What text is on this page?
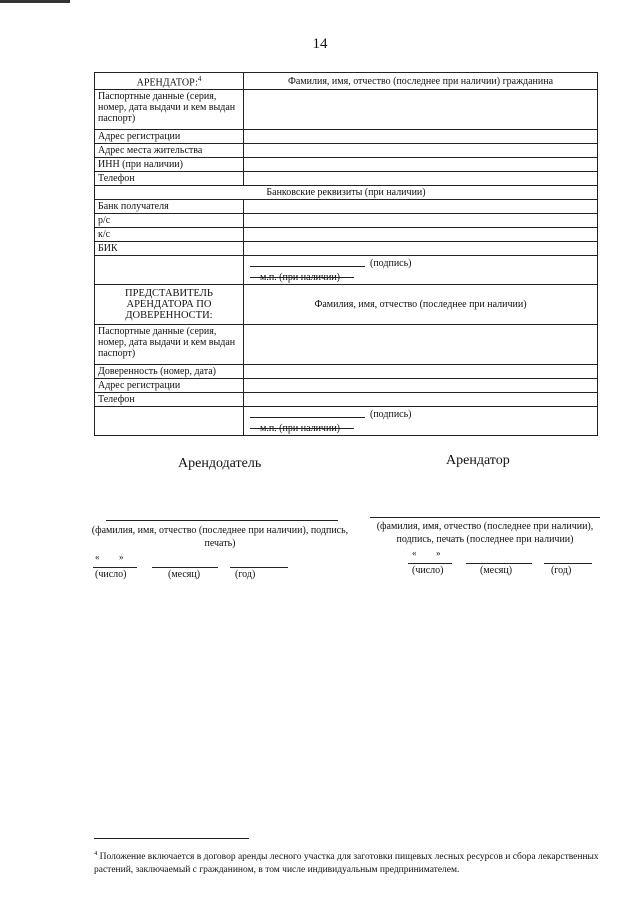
14
АРЕНДАТОР:$^4$	Фамилия, имя, отчество (последнее при наличии) гражданина
Паспортные данные (серия, номер, дата выдачи и кем выдан паспорт)	
Адрес регистрации	
Адрес места жительства	
ИНН (при наличии)	
Телефон	
Банковские реквизиты (при наличии)	
Банк получателя	
р/с	
к/с	
БИК	

	(подпись)
м.п. (при наличии)

ПРЕДСТАВИТЕЛЬ АРЕНДАТОРА ПО ДОВЕРЕННОСТИ:	Фамилия, имя, отчество (последнее при наличии)
Паспортные данные (серия, номер, дата выдачи и кем выдан паспорт)	
Доверенность (номер, дата)	
Адрес регистрации	
Телефон	

	(подпись)
м.п. (при наличии)
Арендодатель
(фамилия, имя, отчество (последнее при наличии), подпись, печать)
« »
(число)	(месяц)	(год)
Арендатор
(фамилия, имя, отчество (последнее при наличии), подпись, печать (последнее при наличии)
« »
(число)	(месяц)	(год)
$^4$ Положение включается в договор аренды лесного участка для заготовки пищевых лесных ресурсов и сбора лекарственных растений, заключаемый с гражданином, в том числе индивидуальным предпринимателем.
